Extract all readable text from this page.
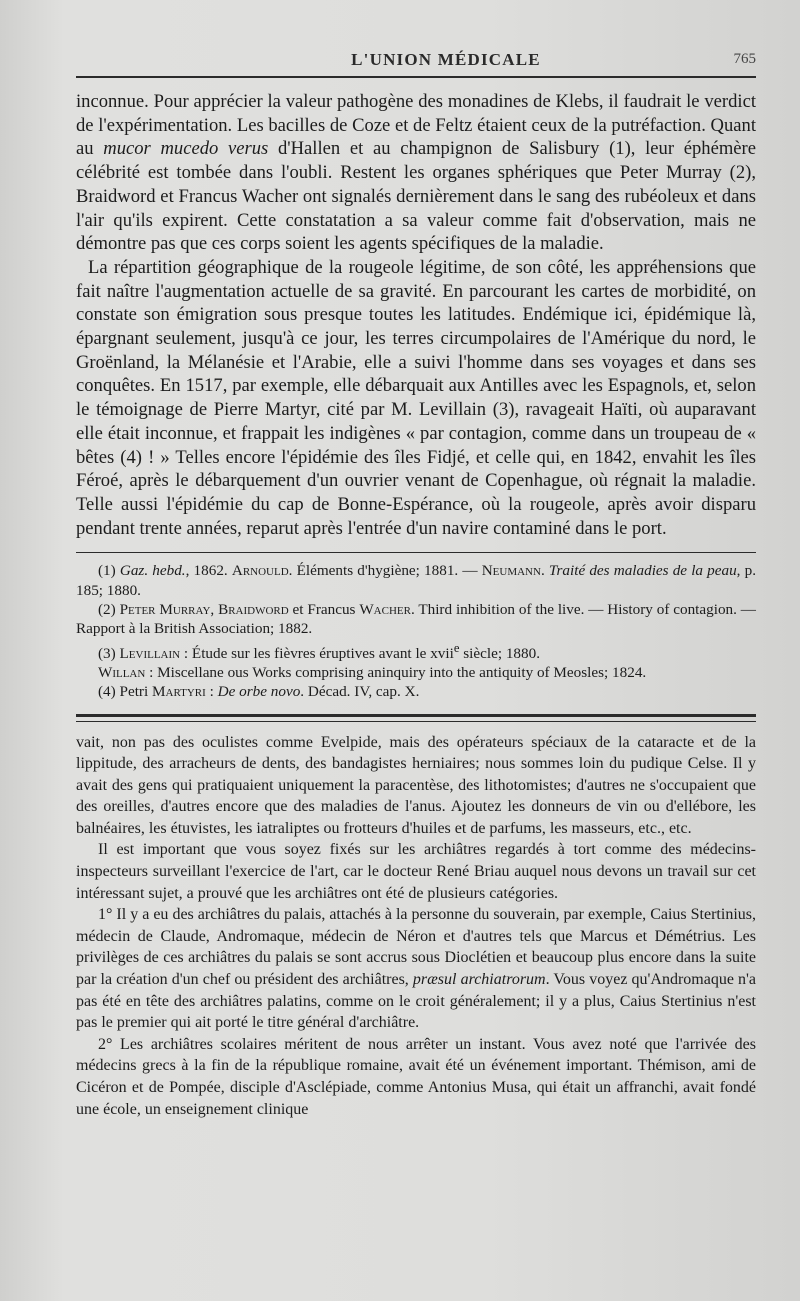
L'UNION MÉDICALE	765

inconnue. Pour apprécier la valeur pathogène des monadines de Klebs, il faudrait le verdict de l'expérimentation. Les bacilles de Coze et de Feltz étaient ceux de la putréfaction. Quant au mucor mucedo verus d'Hallen et au champignon de Salisbury (1), leur éphémère célébrité est tombée dans l'oubli. Restent les organes sphériques que Peter Murray (2), Braidword et Francus Wacher ont signalés dernièrement dans le sang des rubéoleux et dans l'air qu'ils expirent. Cette constatation a sa valeur comme fait d'observation, mais ne démontre pas que ces corps soient les agents spécifiques de la maladie.

La répartition géographique de la rougeole légitime, de son côté, les appréhensions que fait naître l'augmentation actuelle de sa gravité. En parcourant les cartes de morbidité, on constate son émigration sous presque toutes les latitudes. Endémique ici, épidémique là, épargnant seulement, jusqu'à ce jour, les terres circumpolaires de l'Amérique du nord, le Groënland, la Mélanésie et l'Arabie, elle a suivi l'homme dans ses voyages et dans ses conquêtes. En 1517, par exemple, elle débarquait aux Antilles avec les Espagnols, et, selon le témoignage de Pierre Martyr, cité par M. Levillain (3), ravageait Haïti, où auparavant elle était inconnue, et frappait les indigènes « par contagion, comme dans un troupeau de « bêtes (4) ! » Telles encore l'épidémie des îles Fidjé, et celle qui, en 1842, envahit les îles Féroé, après le débarquement d'un ouvrier venant de Copenhague, où régnait la maladie. Telle aussi l'épidémie du cap de Bonne-Espérance, où la rougeole, après avoir disparu pendant trente années, reparut après l'entrée d'un navire contaminé dans le port.

(1) Gaz. hebd., 1862. Arnould. Éléments d'hygiène; 1881. — Neumann. Traité des maladies de la peau, p. 185; 1880.

(2) Peter Murray, Braidword et Francus Wacher. Third inhibition of the live. — History of contagion. — Rapport à la British Association; 1882.

(3) Levillain : Étude sur les fièvres éruptives avant le xvii$^e$ siècle; 1880.

Willan : Miscellane ous Works comprising aninquiry into the antiquity of Meosles; 1824.

(4) Petri Martyri : De orbe novo. Décad. IV, cap. X.

vait, non pas des oculistes comme Evelpide, mais des opérateurs spéciaux de la cataracte et de la lippitude, des arracheurs de dents, des bandagistes herniaires; nous sommes loin du pudique Celse. Il y avait des gens qui pratiquaient uniquement la paracentèse, des lithotomistes; d'autres ne s'occupaient que des oreilles, d'autres encore que des maladies de l'anus. Ajoutez les donneurs de vin ou d'ellébore, les balnéaires, les étuvistes, les iatraliptes ou frotteurs d'huiles et de parfums, les masseurs, etc., etc.

Il est important que vous soyez fixés sur les archiâtres regardés à tort comme des médecins-inspecteurs surveillant l'exercice de l'art, car le docteur René Briau auquel nous devons un travail sur cet intéressant sujet, a prouvé que les archiâtres ont été de plusieurs catégories.

1° Il y a eu des archiâtres du palais, attachés à la personne du souverain, par exemple, Caius Stertinius, médecin de Claude, Andromaque, médecin de Néron et d'autres tels que Marcus et Démétrius. Les privilèges de ces archiâtres du palais se sont accrus sous Dioclétien et beaucoup plus encore dans la suite par la création d'un chef ou président des archiâtres, præsul archiatrorum. Vous voyez qu'Andromaque n'a pas été en tête des archiâtres palatins, comme on le croit généralement; il y a plus, Caius Stertinius n'est pas le premier qui ait porté le titre général d'archiâtre.

2° Les archiâtres scolaires méritent de nous arrêter un instant. Vous avez noté que l'arrivée des médecins grecs à la fin de la république romaine, avait été un événement important. Thémison, ami de Cicéron et de Pompée, disciple d'Asclépiade, comme Antonius Musa, qui était un affranchi, avait fondé une école, un enseignement clinique
